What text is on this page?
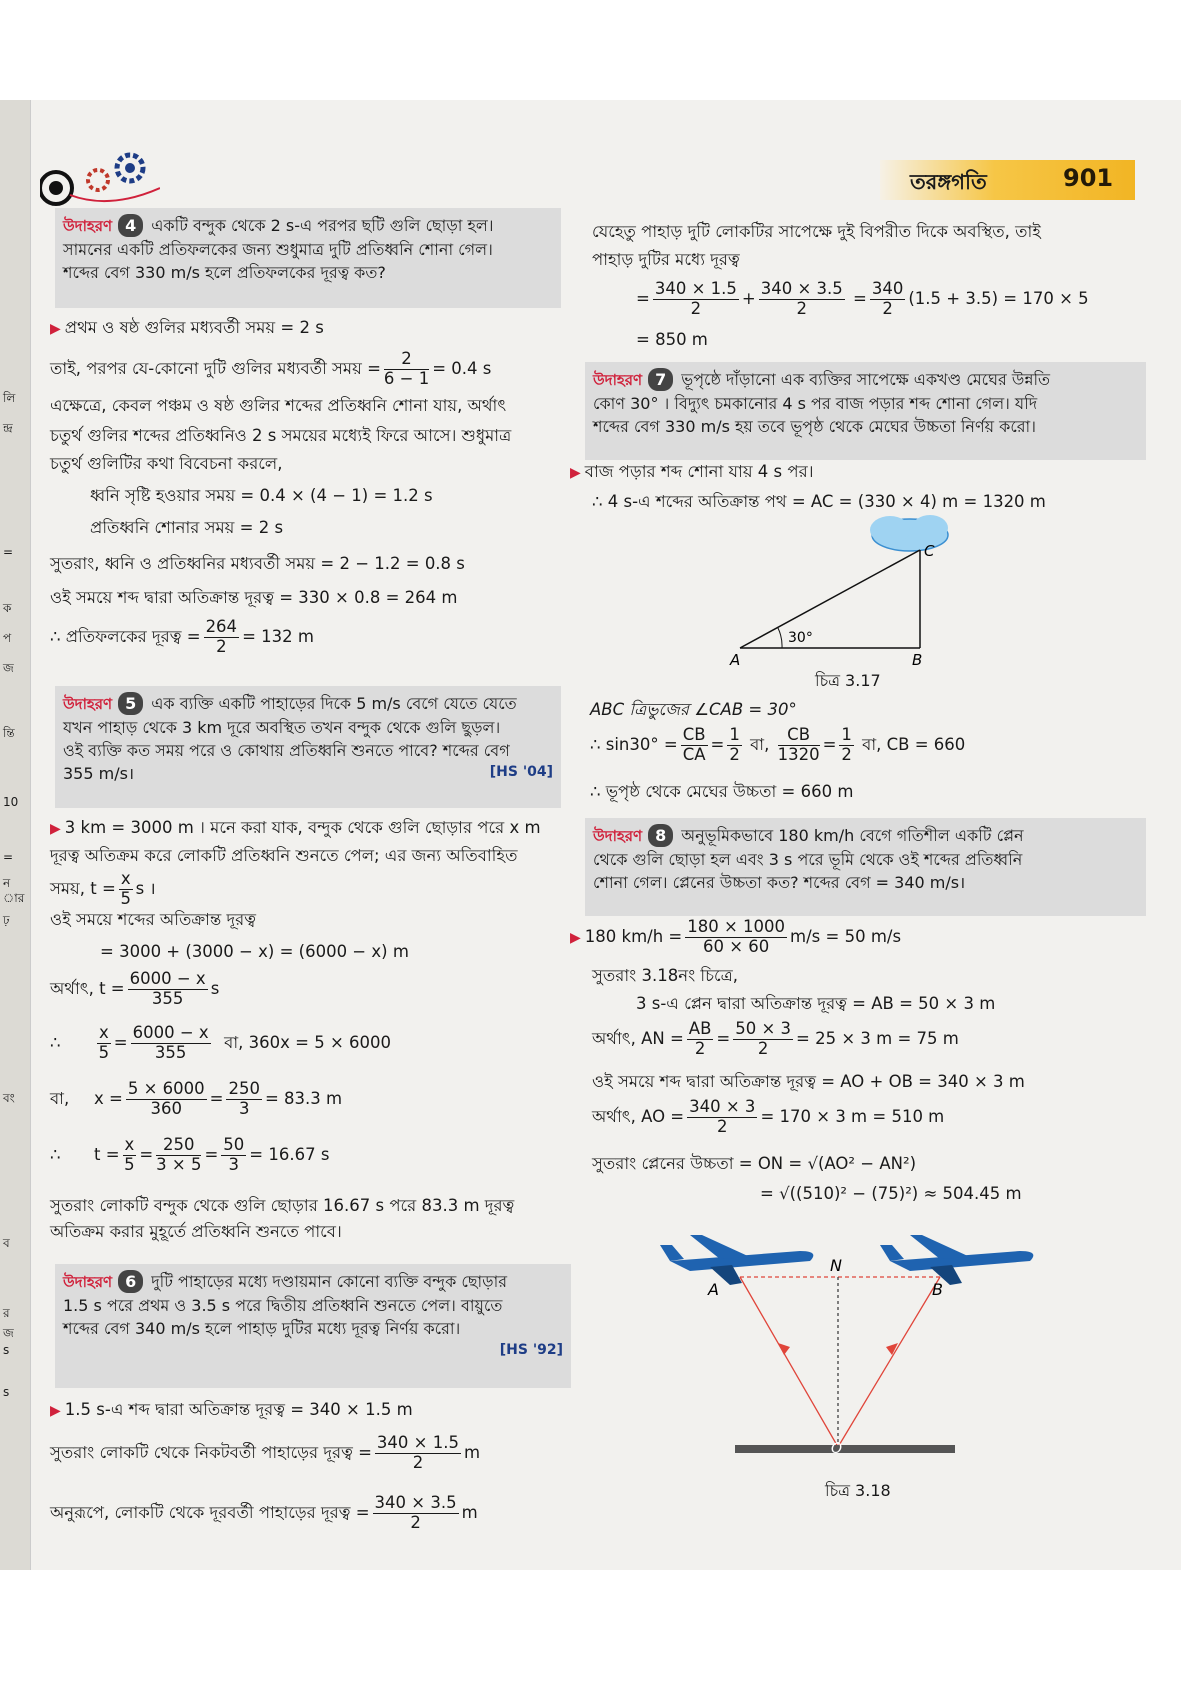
লি
ন্দ্র
=
ক
প
জ
ন্তি
10
=
ন
ার
ঢ়
বং
ব
র
জ
s
s
তরঙ্গগতি	901
উদাহরণ 4 একটি বন্দুক থেকে 2 s-এ পরপর ছটি গুলি ছোড়া হল।
সামনের একটি প্রতিফলকের জন্য শুধুমাত্র দুটি প্রতিধ্বনি শোনা গেল।
শব্দের বেগ 330 m/s হলে প্রতিফলকের দূরত্ব কত?
▶ প্রথম ও ষষ্ঠ গুলির মধ্যবর্তী সময় = 2 s
তাই, পরপর যে-কোনো দুটি গুলির মধ্যবর্তী সময় = $\frac{2}{6 - 1} = 0.4$ s
এক্ষেত্রে, কেবল পঞ্চম ও ষষ্ঠ গুলির শব্দের প্রতিধ্বনি শোনা যায়, অর্থাৎ
চতুর্থ গুলির শব্দের প্রতিধ্বনিও 2 s সময়ের মধ্যেই ফিরে আসে। শুধুমাত্র
চতুর্থ গুলিটির কথা বিবেচনা করলে,
ধ্বনি সৃষ্টি হওয়ার সময় = 0.4 × (4 − 1) = 1.2 s
প্রতিধ্বনি শোনার সময় = 2 s
সুতরাং, ধ্বনি ও প্রতিধ্বনির মধ্যবর্তী সময় = 2 − 1.2 = 0.8 s
ওই সময়ে শব্দ দ্বারা অতিক্রান্ত দূরত্ব = 330 × 0.8 = 264 m
∴ প্রতিফলকের দূরত্ব = $\frac{264}{2} = 132$ m
উদাহরণ 5 এক ব্যক্তি একটি পাহাড়ের দিকে 5 m/s বেগে যেতে যেতে
যখন পাহাড় থেকে 3 km দূরে অবস্থিত তখন বন্দুক থেকে গুলি ছুড়ল।
ওই ব্যক্তি কত সময় পরে ও কোথায় প্রতিধ্বনি শুনতে পাবে? শব্দের বেগ
355 m/s।	[HS '04]
▶ 3 km = 3000 m । মনে করা যাক, বন্দুক থেকে গুলি ছোড়ার পরে x m
দূরত্ব অতিক্রম করে লোকটি প্রতিধ্বনি শুনতে পেল; এর জন্য অতিবাহিত
সময়, $t = \frac{x}{5}$ s ।
ওই সময়ে শব্দের অতিক্রান্ত দূরত্ব
= 3000 + (3000 − x) = (6000 − x) m
অর্থাৎ, $t = \frac{6000 - x}{355}$ s
∴ $\frac{x}{5} = \frac{6000 - x}{355}$ বা, 360x = 5 × 6000
বা, $x = \frac{5 \times 6000}{360} = \frac{250}{3} = 83.3$ m
∴ $t = \frac{x}{5} = \frac{250}{3 \times 5} = \frac{50}{3} = 16.67$ s
সুতরাং লোকটি বন্দুক থেকে গুলি ছোড়ার 16.67 s পরে 83.3 m দূরত্ব
অতিক্রম করার মুহূর্তে প্রতিধ্বনি শুনতে পাবে।
উদাহরণ 6 দুটি পাহাড়ের মধ্যে দণ্ডায়মান কোনো ব্যক্তি বন্দুক ছোড়ার
1.5 s পরে প্রথম ও 3.5 s পরে দ্বিতীয় প্রতিধ্বনি শুনতে পেল। বায়ুতে
শব্দের বেগ 340 m/s হলে পাহাড় দুটির মধ্যে দূরত্ব নির্ণয় করো।
[HS '92]
▶ 1.5 s-এ শব্দ দ্বারা অতিক্রান্ত দূরত্ব = 340 × 1.5 m
সুতরাং লোকটি থেকে নিকটবর্তী পাহাড়ের দূরত্ব = $\frac{340 \times 1.5}{2}$ m
অনুরূপে, লোকটি থেকে দূরবর্তী পাহাড়ের দূরত্ব = $\frac{340 \times 3.5}{2}$ m
যেহেতু পাহাড় দুটি লোকটির সাপেক্ষে দুই বিপরীত দিকে অবস্থিত, তাই
পাহাড় দুটির মধ্যে দূরত্ব
= $\frac{340 \times 1.5}{2} + \frac{340 \times 3.5}{2} = \frac{340}{2} (1.5 + 3.5) = 170 \times 5$
= 850 m
উদাহরণ 7 ভূপৃষ্ঠে দাঁড়ানো এক ব্যক্তির সাপেক্ষে একখণ্ড মেঘের উন্নতি
কোণ 30° । বিদ্যুৎ চমকানোর 4 s পর বাজ পড়ার শব্দ শোনা গেল। যদি
শব্দের বেগ 330 m/s হয় তবে ভূপৃষ্ঠ থেকে মেঘের উচ্চতা নির্ণয় করো।
▶ বাজ পড়ার শব্দ শোনা যায় 4 s পর।
∴ 4 s-এ শব্দের অতিক্রান্ত পথ = AC = (330 × 4) m = 1320 m
A	B
C
30°
চিত্র 3.17
ABC ত্রিভুজের ∠CAB = 30°
∴ $\sin 30^\circ = \frac{CB}{CA} = \frac{1}{2}$ বা, $\frac{CB}{1320} = \frac{1}{2}$ বা, CB = 660
∴ ভূপৃষ্ঠ থেকে মেঘের উচ্চতা = 660 m
উদাহরণ 8 অনুভূমিকভাবে 180 km/h বেগে গতিশীল একটি প্লেন
থেকে গুলি ছোড়া হল এবং 3 s পরে ভূমি থেকে ওই শব্দের প্রতিধ্বনি
শোনা গেল। প্লেনের উচ্চতা কত? শব্দের বেগ = 340 m/s।
▶ 180 $km/h = \frac{180 \times 1000}{60 \times 60} m/s = 50$ m/s
সুতরাং 3.18নং চিত্রে,
3 s-এ প্লেন দ্বারা অতিক্রান্ত দূরত্ব = AB = 50 × 3 m
অর্থাৎ, AN = $\frac{AB}{2} = \frac{50 \times 3}{2} = 25 \times 3$ m = 75 m
ওই সময়ে শব্দ দ্বারা অতিক্রান্ত দূরত্ব = AO + OB = 340 × 3 m
অর্থাৎ, AO = $\frac{340 \times 3}{2} = 170 \times 3$ m = 510 m
সুতরাং প্লেনের উচ্চতা = ON = √(AO² − AN²)
= √((510)² − (75)²) ≈ 504.45 m
A	B
N
O
চিত্র 3.18
